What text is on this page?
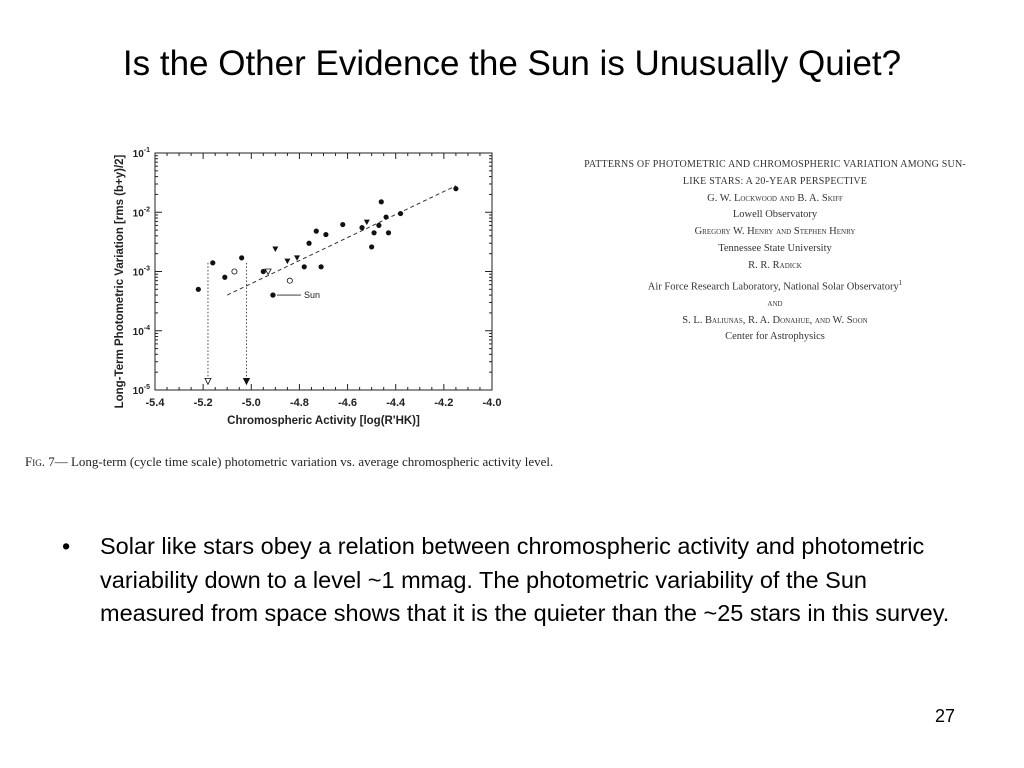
Is the Other Evidence the Sun is Unusually Quiet?
-5.4	-5.2	-5.0	-4.8	-4.6	-4.4	-4.2	-4.0
$10^{-1}$
$10^{-2}$
$10^{-3}$
$10^{-4}$
$10^{-5}$
Chromospheric Activity [log(R'HK)]
Long-Term Photometric Variation [rms (b+y)/2]	Sun
PATTERNS OF PHOTOMETRIC AND CHROMOSPHERIC VARIATION AMONG SUN-
LIKE STARS: A 20-YEAR PERSPECTIVE
G. W. Lockwood and B. A. Skiff
Lowell Observatory
Gregory W. Henry and Stephen Henry
Tennessee State University
R. R. Radick
Air Force Research Laboratory, National Solar Observatory$^1$
and
S. L. Baliunas, R. A. Donahue, and W. Soon
Center for Astrophysics
Fig. 7— Long-term (cycle time scale) photometric variation vs. average chromospheric activity level.
• Solar like stars obey a relation between chromospheric activity and photometric variability down to a level ~1 mmag. The photometric variability of the Sun measured from space shows that it is the quieter than the ~25 stars in this survey.
27
